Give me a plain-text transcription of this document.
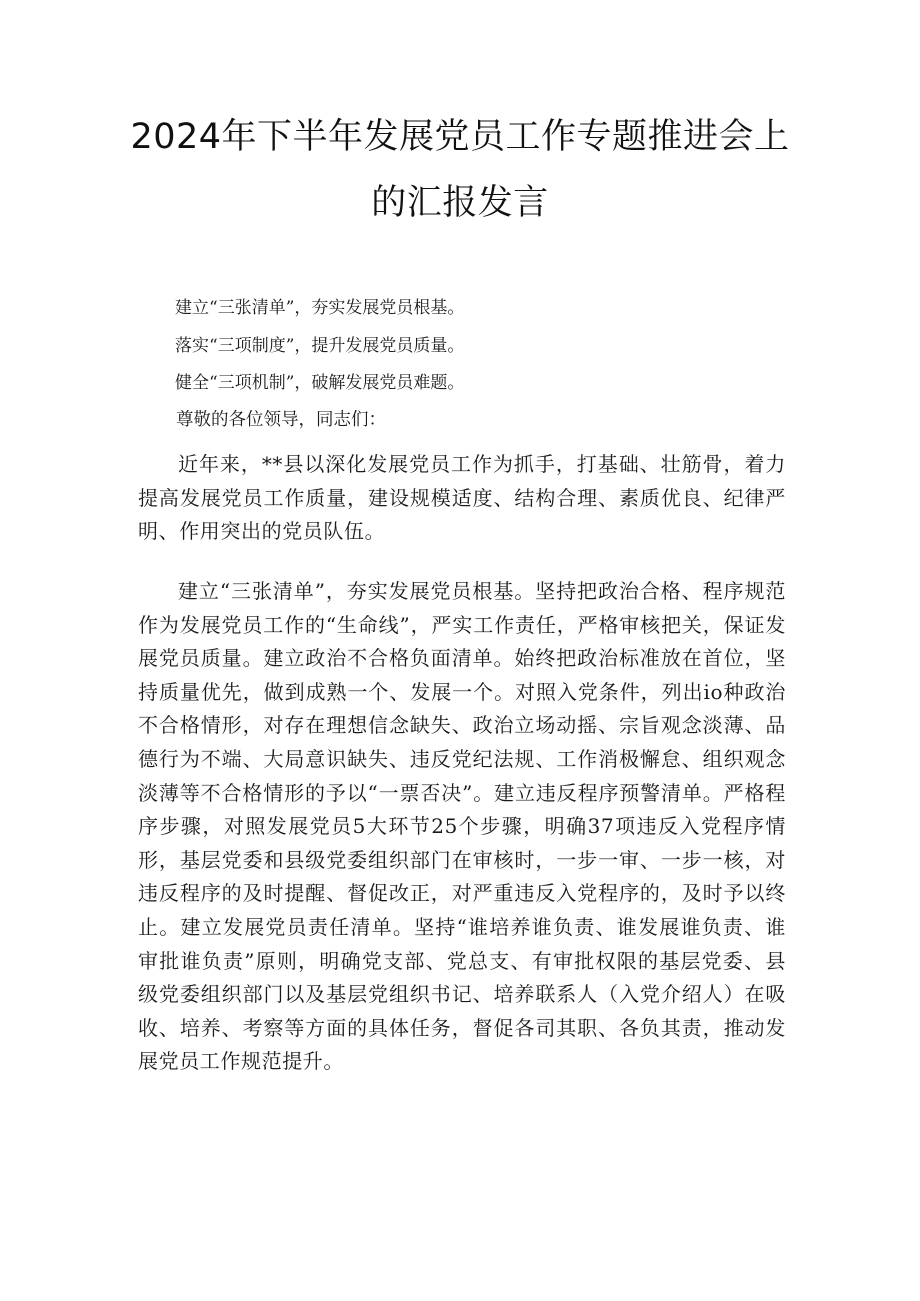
2024年下半年发展党员工作专题推进会上
的汇报发言
建立“三张清单”，夯实发展党员根基。
落实“三项制度”，提升发展党员质量。
健全“三项机制”，破解发展党员难题。
尊敬的各位领导，同志们：

近年来，**县以深化发展党员工作为抓手，打基础、壮筋骨，着力提高发展党员工作质量，建设规模适度、结构合理、素质优良、纪律严明、作用突出的党员队伍。

建立“三张清单”，夯实发展党员根基。坚持把政治合格、程序规范作为发展党员工作的“生命线”，严实工作责任，严格审核把关，保证发展党员质量。建立政治不合格负面清单。始终把政治标准放在首位，坚持质量优先，做到成熟一个、发展一个。对照入党条件，列出io种政治不合格情形，对存在理想信念缺失、政治立场动摇、宗旨观念淡薄、品德行为不端、大局意识缺失、违反党纪法规、工作消极懈怠、组织观念淡薄等不合格情形的予以“一票否决”。建立违反程序预警清单。严格程序步骤，对照发展党员5大环节25个步骤，明确37项违反入党程序情形，基层党委和县级党委组织部门在审核时，一步一审、一步一核，对违反程序的及时提醒、督促改正，对严重违反入党程序的，及时予以终止。建立发展党员责任清单。坚持“谁培养谁负责、谁发展谁负责、谁审批谁负责”原则，明确党支部、党总支、有审批权限的基层党委、县级党委组织部门以及基层党组织书记、培养联系人（入党介绍人）在吸收、培养、考察等方面的具体任务，督促各司其职、各负其责，推动发展党员工作规范提升。
